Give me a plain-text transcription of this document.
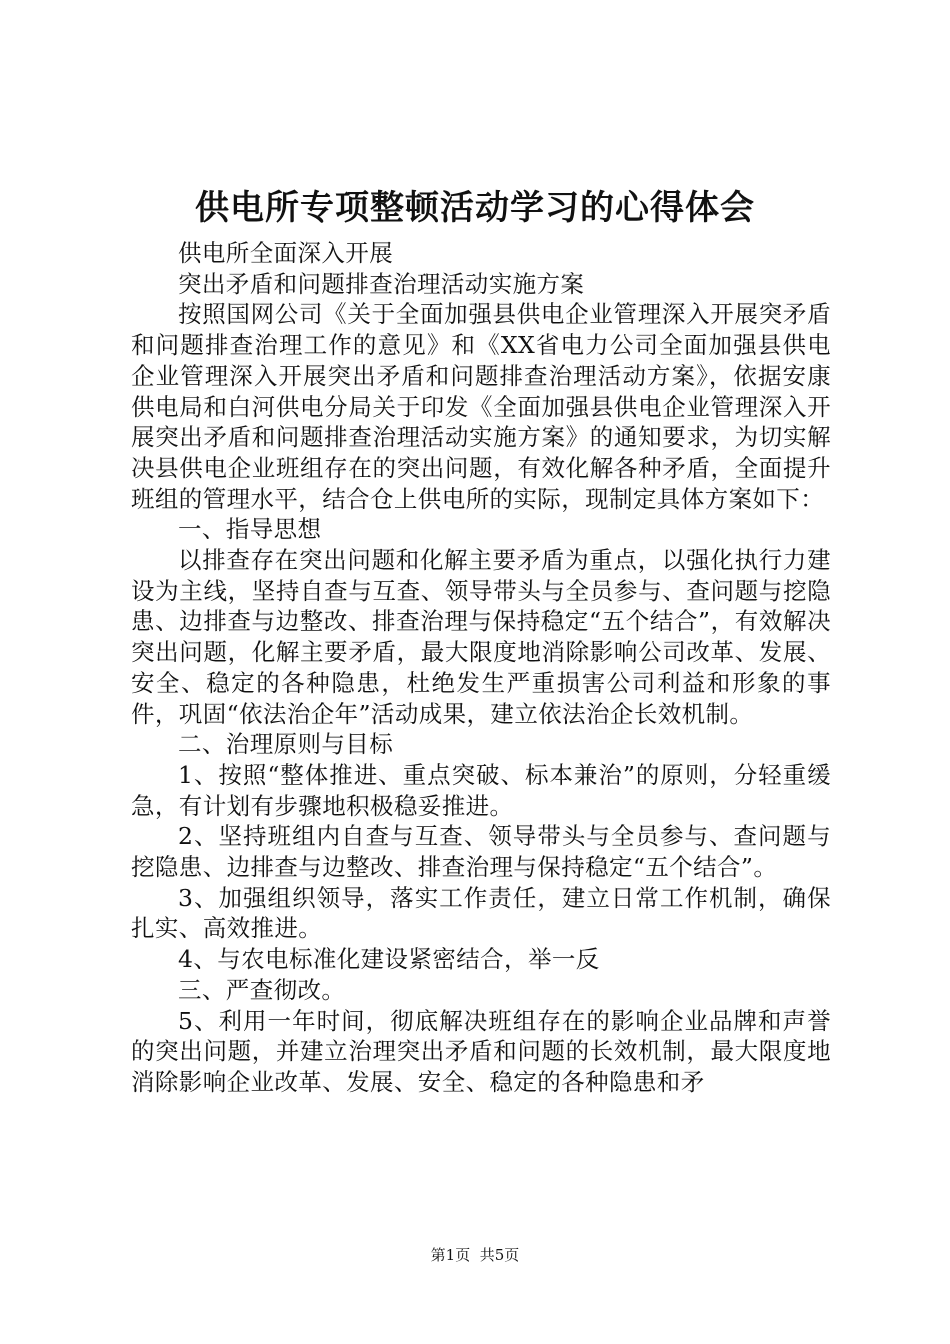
供电所专项整顿活动学习的心得体会

供电所全面深入开展

突出矛盾和问题排查治理活动实施方案

按照国网公司《关于全面加强县供电企业管理深入开展突矛盾和问题排查治理工作的意见》和《XX省电力公司全面加强县供电企业管理深入开展突出矛盾和问题排查治理活动方案》，依据安康供电局和白河供电分局关于印发《全面加强县供电企业管理深入开展突出矛盾和问题排查治理活动实施方案》的通知要求，为切实解决县供电企业班组存在的突出问题，有效化解各种矛盾，全面提升班组的管理水平，结合仓上供电所的实际，现制定具体方案如下：

一、指导思想

以排查存在突出问题和化解主要矛盾为重点，以强化执行力建设为主线，坚持自查与互查、领导带头与全员参与、查问题与挖隐患、边排查与边整改、排查治理与保持稳定“五个结合”，有效解决突出问题，化解主要矛盾，最大限度地消除影响公司改革、发展、安全、稳定的各种隐患，杜绝发生严重损害公司利益和形象的事件，巩固“依法治企年”活动成果，建立依法治企长效机制。

二、治理原则与目标

1、按照“整体推进、重点突破、标本兼治”的原则，分轻重缓急，有计划有步骤地积极稳妥推进。

2、坚持班组内自查与互查、领导带头与全员参与、查问题与挖隐患、边排查与边整改、排查治理与保持稳定“五个结合”。

3、加强组织领导，落实工作责任，建立日常工作机制，确保扎实、高效推进。

4、与农电标准化建设紧密结合，举一反

三、严查彻改。

5、利用一年时间，彻底解决班组存在的影响企业品牌和声誉的突出问题，并建立治理突出矛盾和问题的长效机制，最大限度地消除影响企业改革、发展、安全、稳定的各种隐患和矛

第1页 共5页
